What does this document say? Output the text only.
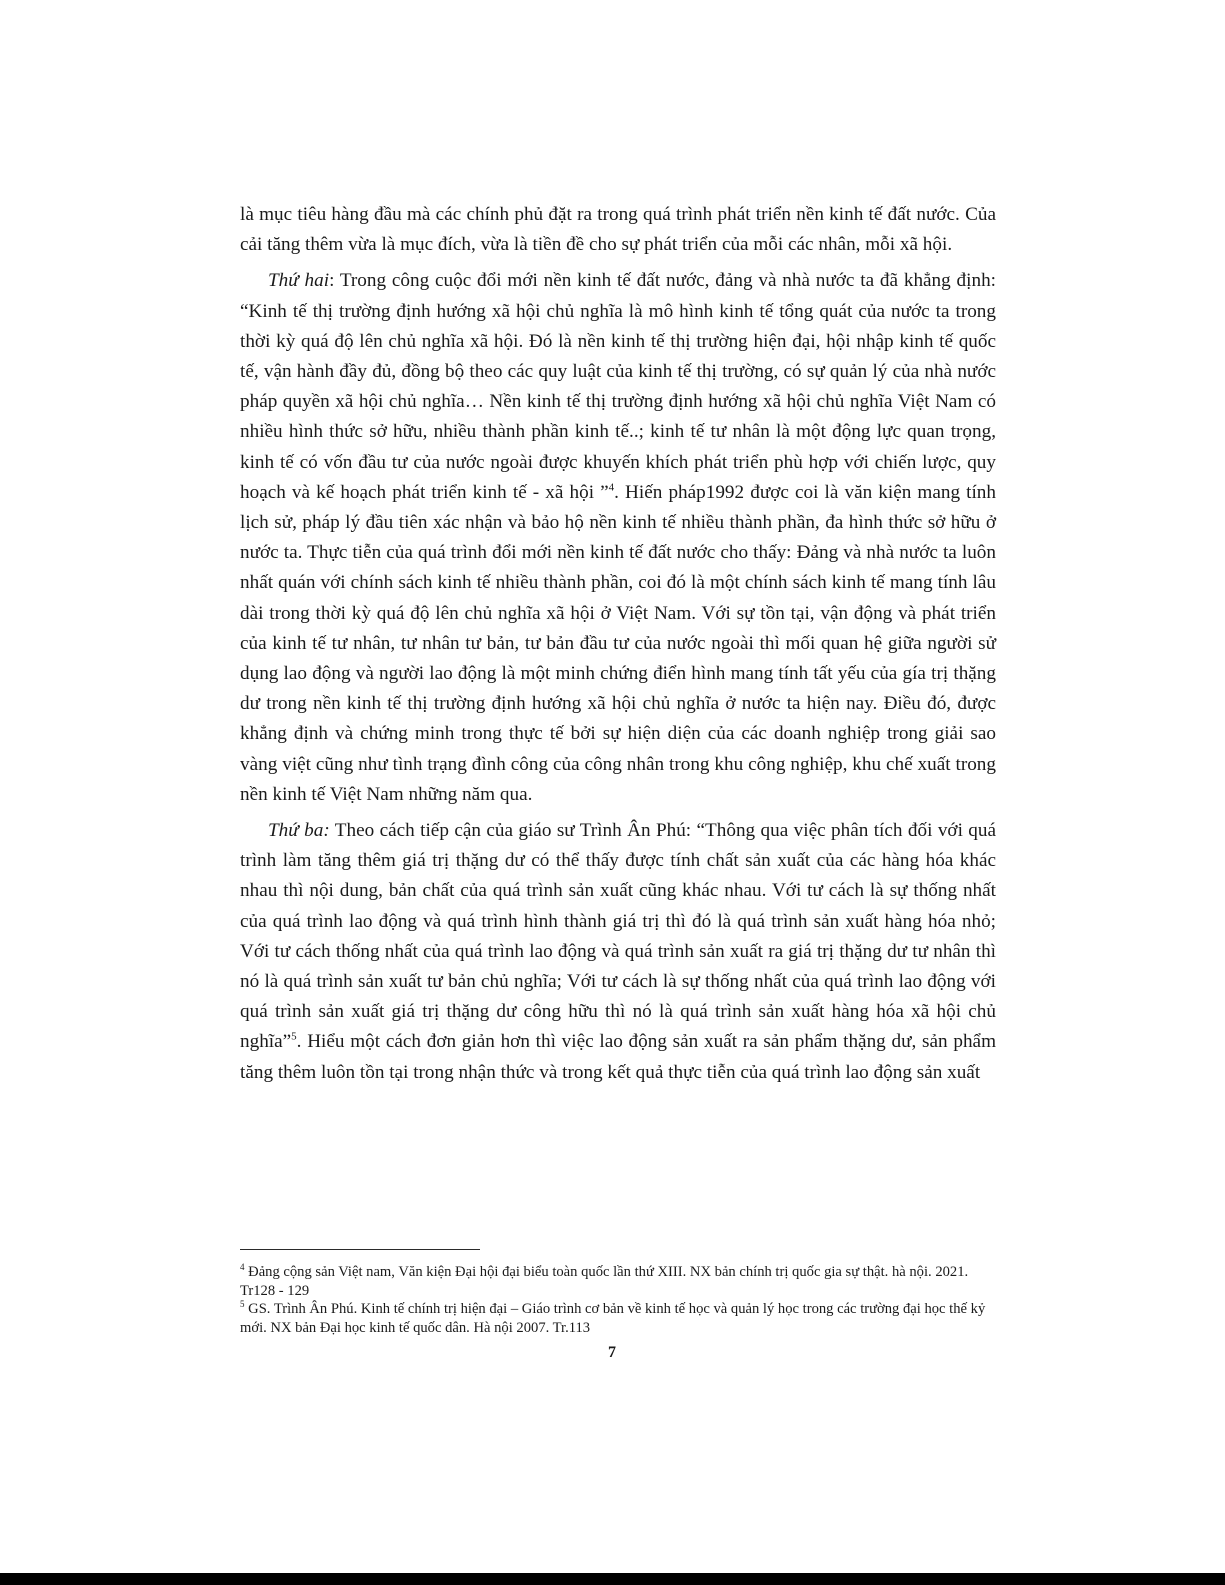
là mục tiêu hàng đầu mà các chính phủ đặt ra trong quá trình phát triển nền kinh tế đất nước. Của cải tăng thêm vừa là mục đích, vừa là tiền đề cho sự phát triển của mỗi các nhân, mỗi xã hội.

Thứ hai: Trong công cuộc đổi mới nền kinh tế đất nước, đảng và nhà nước ta đã khẳng định: “Kinh tế thị trường định hướng xã hội chủ nghĩa là mô hình kinh tế tổng quát của nước ta trong thời kỳ quá độ lên chủ nghĩa xã hội. Đó là nền kinh tế thị trường hiện đại, hội nhập kinh tế quốc tế, vận hành đầy đủ, đồng bộ theo các quy luật của kinh tế thị trường, có sự quản lý của nhà nước pháp quyền xã hội chủ nghĩa… Nền kinh tế thị trường định hướng xã hội chủ nghĩa Việt Nam có nhiều hình thức sở hữu, nhiều thành phần kinh tế..; kinh tế tư nhân là một động lực quan trọng, kinh tế có vốn đầu tư của nước ngoài được khuyến khích phát triển phù hợp với chiến lược, quy hoạch và kế hoạch phát triển kinh tế - xã hội ”$^4$. Hiến pháp1992 được coi là văn kiện mang tính lịch sử, pháp lý đầu tiên xác nhận và bảo hộ nền kinh tế nhiều thành phần, đa hình thức sở hữu ở nước ta. Thực tiễn của quá trình đổi mới nền kinh tế đất nước cho thấy: Đảng và nhà nước ta luôn nhất quán với chính sách kinh tế nhiều thành phần, coi đó là một chính sách kinh tế mang tính lâu dài trong thời kỳ quá độ lên chủ nghĩa xã hội ở Việt Nam. Với sự tồn tại, vận động và phát triển của kinh tế tư nhân, tư nhân tư bản, tư bản đầu tư của nước ngoài thì mối quan hệ giữa người sử dụng lao động và người lao động là một minh chứng điển hình mang tính tất yếu của gía trị thặng dư trong nền kinh tế thị trường định hướng xã hội chủ nghĩa ở nước ta hiện nay. Điều đó, được khẳng định và chứng minh trong thực tế bởi sự hiện diện của các doanh nghiệp trong giải sao vàng việt cũng như tình trạng đình công của công nhân trong khu công nghiệp, khu chế xuất trong nền kinh tế Việt Nam những năm qua.

Thứ ba: Theo cách tiếp cận của giáo sư Trình Ân Phú: “Thông qua việc phân tích đối với quá trình làm tăng thêm giá trị thặng dư có thể thấy được tính chất sản xuất của các hàng hóa khác nhau thì nội dung, bản chất của quá trình sản xuất cũng khác nhau. Với tư cách là sự thống nhất của quá trình lao động và quá trình hình thành giá trị thì đó là quá trình sản xuất hàng hóa nhỏ; Với tư cách thống nhất của quá trình lao động và quá trình sản xuất ra giá trị thặng dư tư nhân thì nó là quá trình sản xuất tư bản chủ nghĩa; Với tư cách là sự thống nhất của quá trình lao động với quá trình sản xuất giá trị thặng dư công hữu thì nó là quá trình sản xuất hàng hóa xã hội chủ nghĩa”$^5$. Hiểu một cách đơn giản hơn thì việc lao động sản xuất ra sản phẩm thặng dư, sản phẩm tăng thêm luôn tồn tại trong nhận thức và trong kết quả thực tiễn của quá trình lao động sản xuất

$^4$ Đảng cộng sản Việt nam, Văn kiện Đại hội đại biểu toàn quốc lần thứ XIII. NX bản chính trị quốc gia sự thật. hà nội. 2021. Tr128 - 129

$^5$ GS. Trình Ân Phú. Kinh tế chính trị hiện đại – Giáo trình cơ bản về kinh tế học và quản lý học trong các trường đại học thế kỷ mới. NX bản Đại học kinh tế quốc dân. Hà nội 2007. Tr.113

7
